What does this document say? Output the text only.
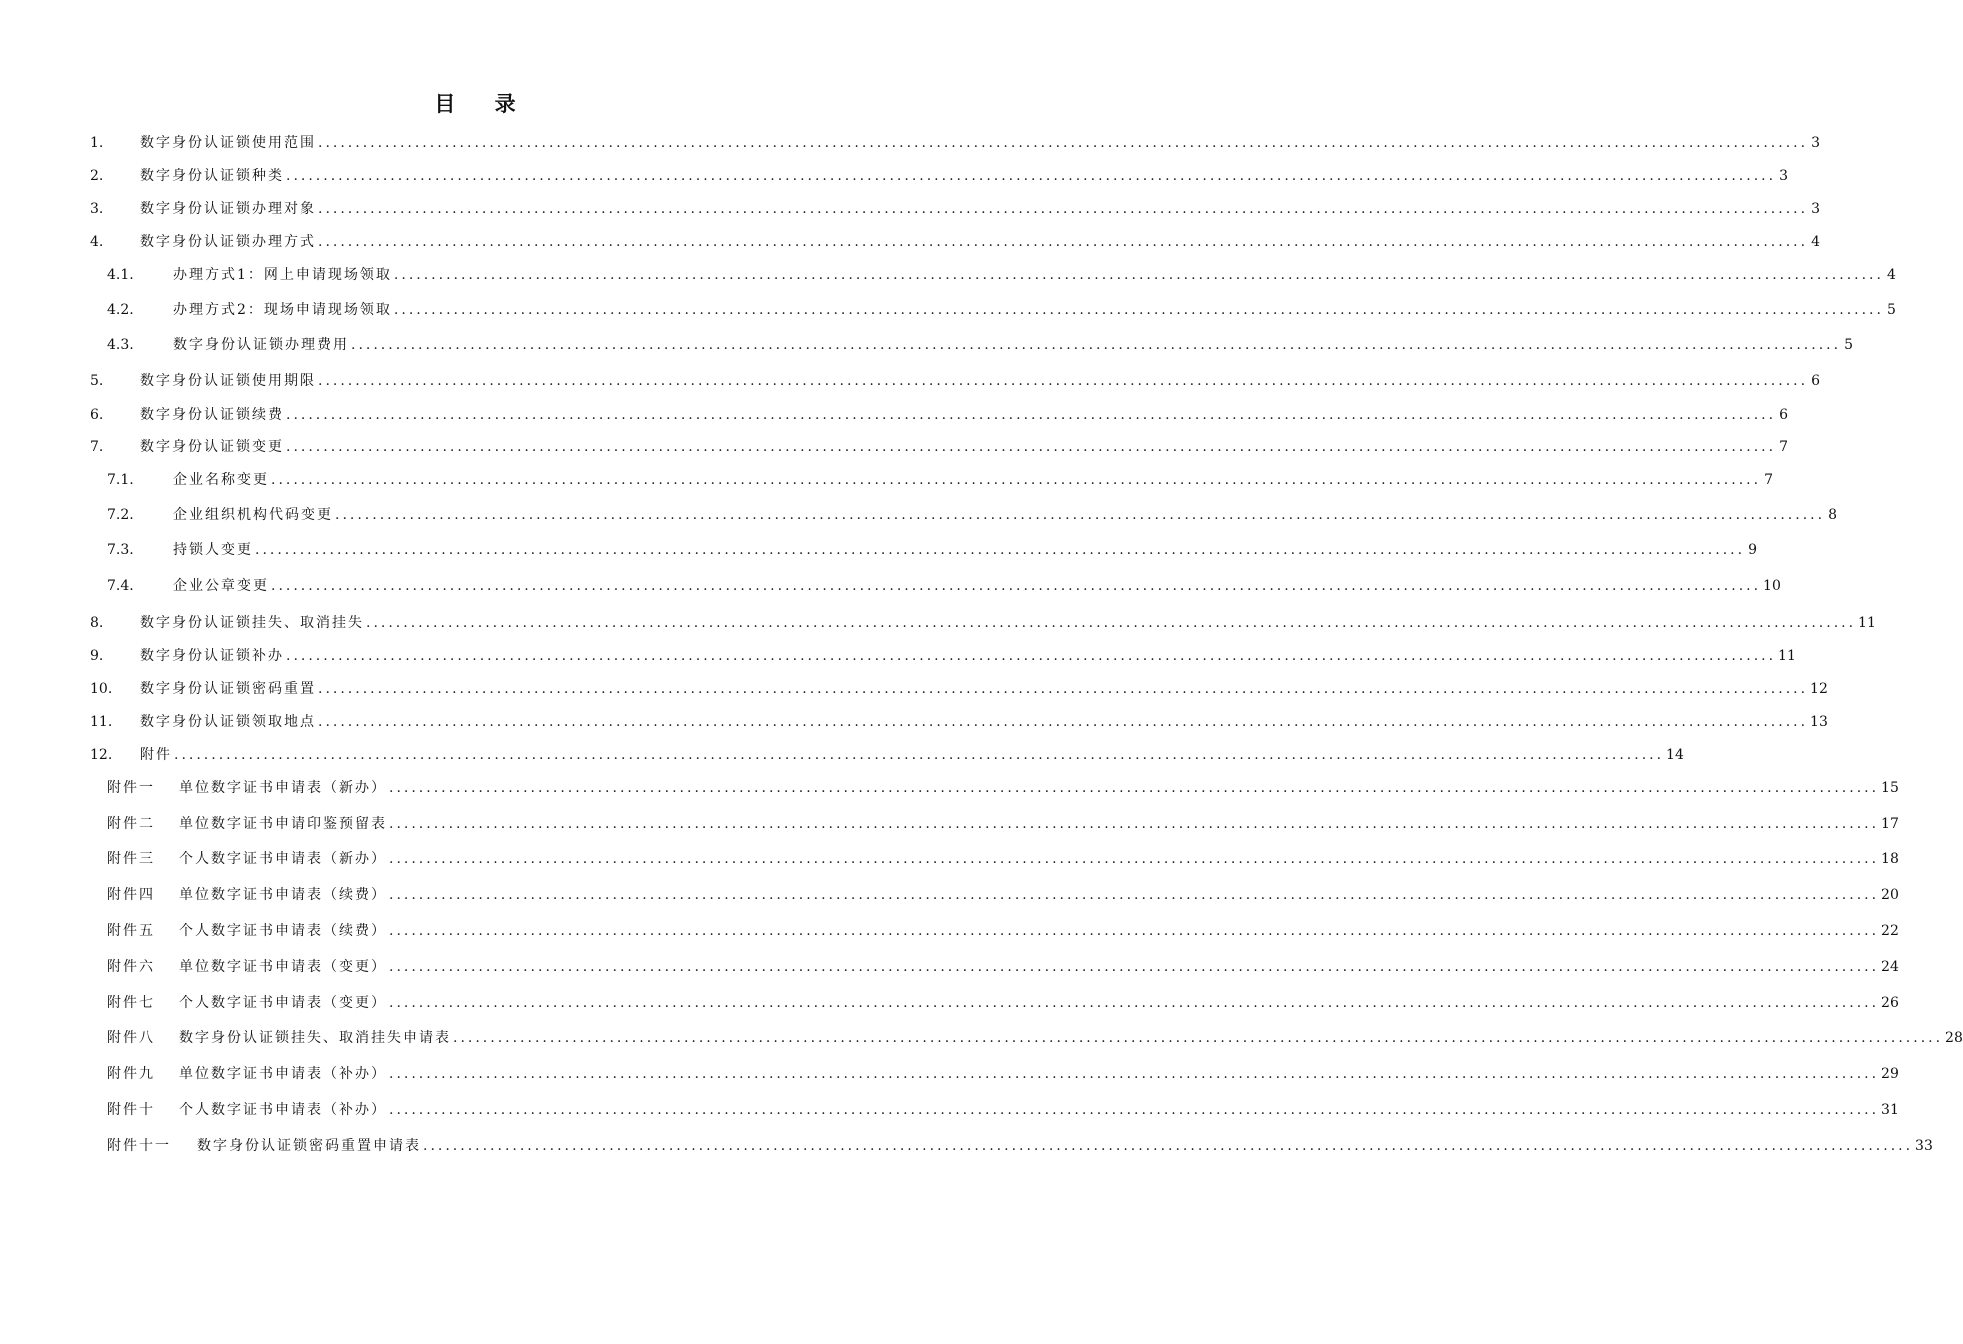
目 录
1.	数字身份认证锁使用范围 ........................................................................................................................................................................................................ 3
2.	数字身份认证锁种类 ........................................................................................................................................................................................................ 3
3.	数字身份认证锁办理对象 ........................................................................................................................................................................................................ 3
4.	数字身份认证锁办理方式 ........................................................................................................................................................................................................ 4
4.1.	办理方式1：网上申请现场领取 ........................................................................................................................................................................................................ 4
4.2.	办理方式2：现场申请现场领取 ........................................................................................................................................................................................................ 5
4.3.	数字身份认证锁办理费用 ........................................................................................................................................................................................................ 5
5.	数字身份认证锁使用期限 ........................................................................................................................................................................................................ 6
6.	数字身份认证锁续费 ........................................................................................................................................................................................................ 6
7.	数字身份认证锁变更 ........................................................................................................................................................................................................ 7
7.1.	企业名称变更 ........................................................................................................................................................................................................ 7
7.2.	企业组织机构代码变更 ........................................................................................................................................................................................................ 8
7.3.	持锁人变更 ........................................................................................................................................................................................................ 9
7.4.	企业公章变更 ........................................................................................................................................................................................................ 10
8.	数字身份认证锁挂失、取消挂失 ........................................................................................................................................................................................................ 11
9.	数字身份认证锁补办 ........................................................................................................................................................................................................ 11
10.	数字身份认证锁密码重置 ........................................................................................................................................................................................................ 12
11.	数字身份认证锁领取地点 ........................................................................................................................................................................................................ 13
12.	附件 ........................................................................................................................................................................................................ 14
附件一	单位数字证书申请表（新办） ........................................................................................................................................................................................................ 15
附件二	单位数字证书申请印鉴预留表 ........................................................................................................................................................................................................ 17
附件三	个人数字证书申请表（新办） ........................................................................................................................................................................................................ 18
附件四	单位数字证书申请表（续费） ........................................................................................................................................................................................................ 20
附件五	个人数字证书申请表（续费） ........................................................................................................................................................................................................ 22
附件六	单位数字证书申请表（变更） ........................................................................................................................................................................................................ 24
附件七	个人数字证书申请表（变更） ........................................................................................................................................................................................................ 26
附件八	数字身份认证锁挂失、取消挂失申请表 ........................................................................................................................................................................................................ 28
附件九	单位数字证书申请表（补办） ........................................................................................................................................................................................................ 29
附件十	个人数字证书申请表（补办） ........................................................................................................................................................................................................ 31
附件十一	数字身份认证锁密码重置申请表 ........................................................................................................................................................................................................ 33
